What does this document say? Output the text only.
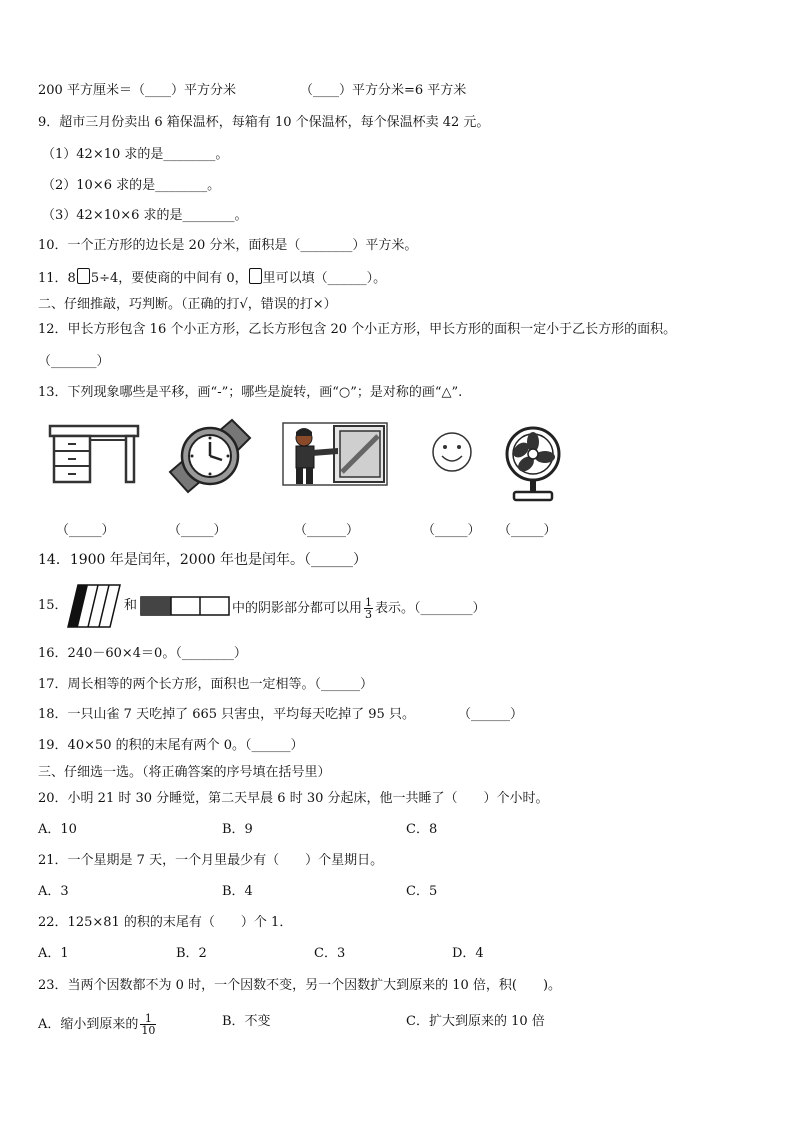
200 平方厘米＝（____）平方分米	（____）平方分米=6 平方米
9．超市三月份卖出 6 箱保温杯，每箱有 10 个保温杯，每个保温杯卖 42 元。
（1）42×10 求的是________。
（2）10×6 求的是________。
（3）42×10×6 求的是________。
10．一个正方形的边长是 20 分米，面积是（________）平方米。
11．8 5÷4，要使商的中间有 0， 里可以填（______）。
二、仔细推敲，巧判断。（正确的打√，错误的打×）
12．甲长方形包含 16 个小正方形，乙长方形包含 20 个小正方形，甲长方形的面积一定小于乙长方形的面积。
（_______）
13．下列现象哪些是平移，画“-”；哪些是旋转，画“○”；是对称的画“△”.
（_____）	（_____）	（______）	（_____） （_____）
14．1900 年是闰年，2000 年也是闰年。（______）
15．	和	中的阴影部分都可以用 $\frac{1}{3}$ 表示。（________）
16．240－60×4＝0。（________）
17．周长相等的两个长方形，面积也一定相等。（______）
18．一只山雀 7 天吃掉了 665 只害虫，平均每天吃掉了 95 只。	（______）
19．40×50 的积的末尾有两个 0。（______）
三、仔细选一选。（将正确答案的序号填在括号里）
20．小明 21 时 30 分睡觉，第二天早晨 6 时 30 分起床，他一共睡了（　　）个小时。
A．10	B．9	C．8
21．一个星期是 7 天，一个月里最少有（　　）个星期日。
A．3	B．4	C．5
22．125×81 的积的末尾有（　　）个 1．
A．1	B．2	C．3	D．4
23．当两个因数都不为 0 时，一个因数不变，另一个因数扩大到原来的 10 倍，积(　　)。
A．缩小到原来的 $\frac{1}{10}$	B．不变	C．扩大到原来的 10 倍
